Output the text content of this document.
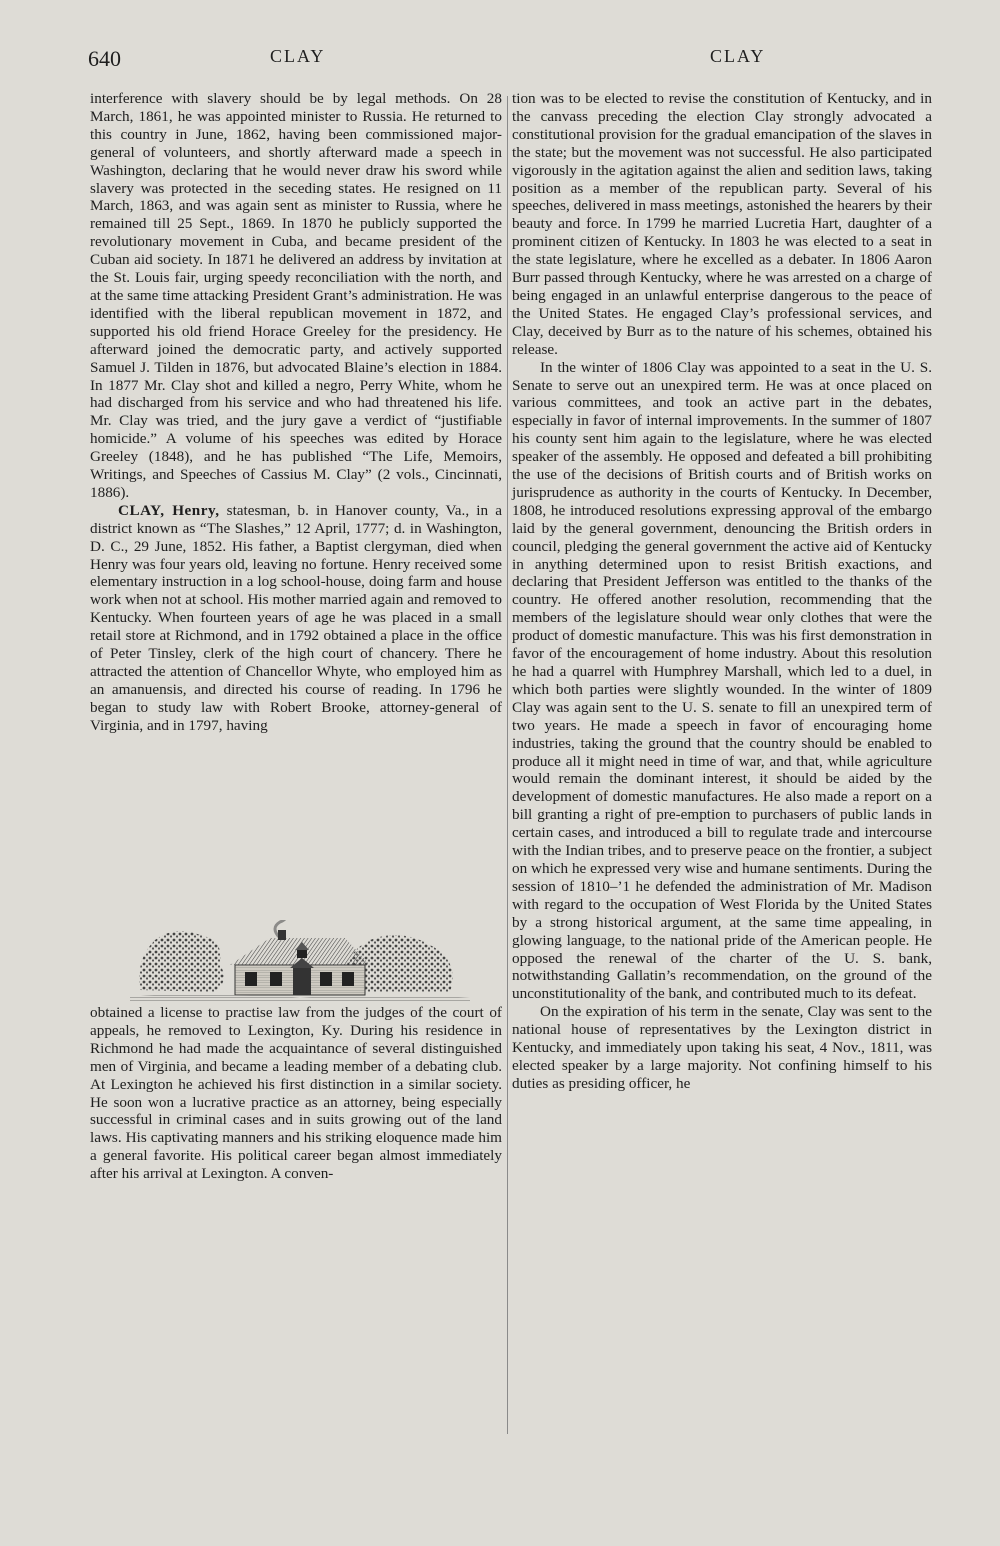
640	CLAY	CLAY

interference with slavery should be by legal methods. On 28 March, 1861, he was appointed minister to Russia. He returned to this country in June, 1862, having been commissioned major-general of volunteers, and shortly afterward made a speech in Washington, declaring that he would never draw his sword while slavery was protected in the seceding states. He resigned on 11 March, 1863, and was again sent as minister to Russia, where he remained till 25 Sept., 1869. In 1870 he publicly supported the revolutionary movement in Cuba, and became president of the Cuban aid society. In 1871 he delivered an address by invitation at the St. Louis fair, urging speedy reconciliation with the north, and at the same time attacking President Grant’s administration. He was identified with the liberal republican movement in 1872, and supported his old friend Horace Greeley for the presidency. He afterward joined the democratic party, and actively supported Samuel J. Tilden in 1876, but advocated Blaine’s election in 1884. In 1877 Mr. Clay shot and killed a negro, Perry White, whom he had discharged from his service and who had threatened his life. Mr. Clay was tried, and the jury gave a verdict of “justifiable homicide.” A volume of his speeches was edited by Horace Greeley (1848), and he has published “The Life, Memoirs, Writings, and Speeches of Cassius M. Clay” (2 vols., Cincinnati, 1886).

CLAY, Henry, statesman, b. in Hanover county, Va., in a district known as “The Slashes,” 12 April, 1777; d. in Washington, D. C., 29 June, 1852. His father, a Baptist clergyman, died when Henry was four years old, leaving no fortune. Henry received some elementary instruction in a log school-house, doing farm and house work when not at school. His mother married again and removed to Kentucky. When fourteen years of age he was placed in a small retail store at Richmond, and in 1792 obtained a place in the office of Peter Tinsley, clerk of the high court of chancery. There he attracted the attention of Chancellor Whyte, who employed him as an amanuensis, and directed his course of reading. In 1796 he began to study law with Robert Brooke, attorney-general of Virginia, and in 1797, having

obtained a license to practise law from the judges of the court of appeals, he removed to Lexington, Ky. During his residence in Richmond he had made the acquaintance of several distinguished men of Virginia, and became a leading member of a debating club. At Lexington he achieved his first distinction in a similar society. He soon won a lucrative practice as an attorney, being especially successful in criminal cases and in suits growing out of the land laws. His captivating manners and his striking eloquence made him a general favorite. His political career began almost immediately after his arrival at Lexington. A conven-

tion was to be elected to revise the constitution of Kentucky, and in the canvass preceding the election Clay strongly advocated a constitutional provision for the gradual emancipation of the slaves in the state; but the movement was not successful. He also participated vigorously in the agitation against the alien and sedition laws, taking position as a member of the republican party. Several of his speeches, delivered in mass meetings, astonished the hearers by their beauty and force. In 1799 he married Lucretia Hart, daughter of a prominent citizen of Kentucky. In 1803 he was elected to a seat in the state legislature, where he excelled as a debater. In 1806 Aaron Burr passed through Kentucky, where he was arrested on a charge of being engaged in an unlawful enterprise dangerous to the peace of the United States. He engaged Clay’s professional services, and Clay, deceived by Burr as to the nature of his schemes, obtained his release.

In the winter of 1806 Clay was appointed to a seat in the U. S. Senate to serve out an unexpired term. He was at once placed on various committees, and took an active part in the debates, especially in favor of internal improvements. In the summer of 1807 his county sent him again to the legislature, where he was elected speaker of the assembly. He opposed and defeated a bill prohibiting the use of the decisions of British courts and of British works on jurisprudence as authority in the courts of Kentucky. In December, 1808, he introduced resolutions expressing approval of the embargo laid by the general government, denouncing the British orders in council, pledging the general government the active aid of Kentucky in anything determined upon to resist British exactions, and declaring that President Jefferson was entitled to the thanks of the country. He offered another resolution, recommending that the members of the legislature should wear only clothes that were the product of domestic manufacture. This was his first demonstration in favor of the encouragement of home industry. About this resolution he had a quarrel with Humphrey Marshall, which led to a duel, in which both parties were slightly wounded. In the winter of 1809 Clay was again sent to the U. S. senate to fill an unexpired term of two years. He made a speech in favor of encouraging home industries, taking the ground that the country should be enabled to produce all it might need in time of war, and that, while agriculture would remain the dominant interest, it should be aided by the development of domestic manufactures. He also made a report on a bill granting a right of pre-emption to purchasers of public lands in certain cases, and introduced a bill to regulate trade and intercourse with the Indian tribes, and to preserve peace on the frontier, a subject on which he expressed very wise and humane sentiments. During the session of 1810–’1 he defended the administration of Mr. Madison with regard to the occupation of West Florida by the United States by a strong historical argument, at the same time appealing, in glowing language, to the national pride of the American people. He opposed the renewal of the charter of the U. S. bank, notwithstanding Gallatin’s recommendation, on the ground of the unconstitutionality of the bank, and contributed much to its defeat.

On the expiration of his term in the senate, Clay was sent to the national house of representatives by the Lexington district in Kentucky, and immediately upon taking his seat, 4 Nov., 1811, was elected speaker by a large majority. Not confining himself to his duties as presiding officer, he
